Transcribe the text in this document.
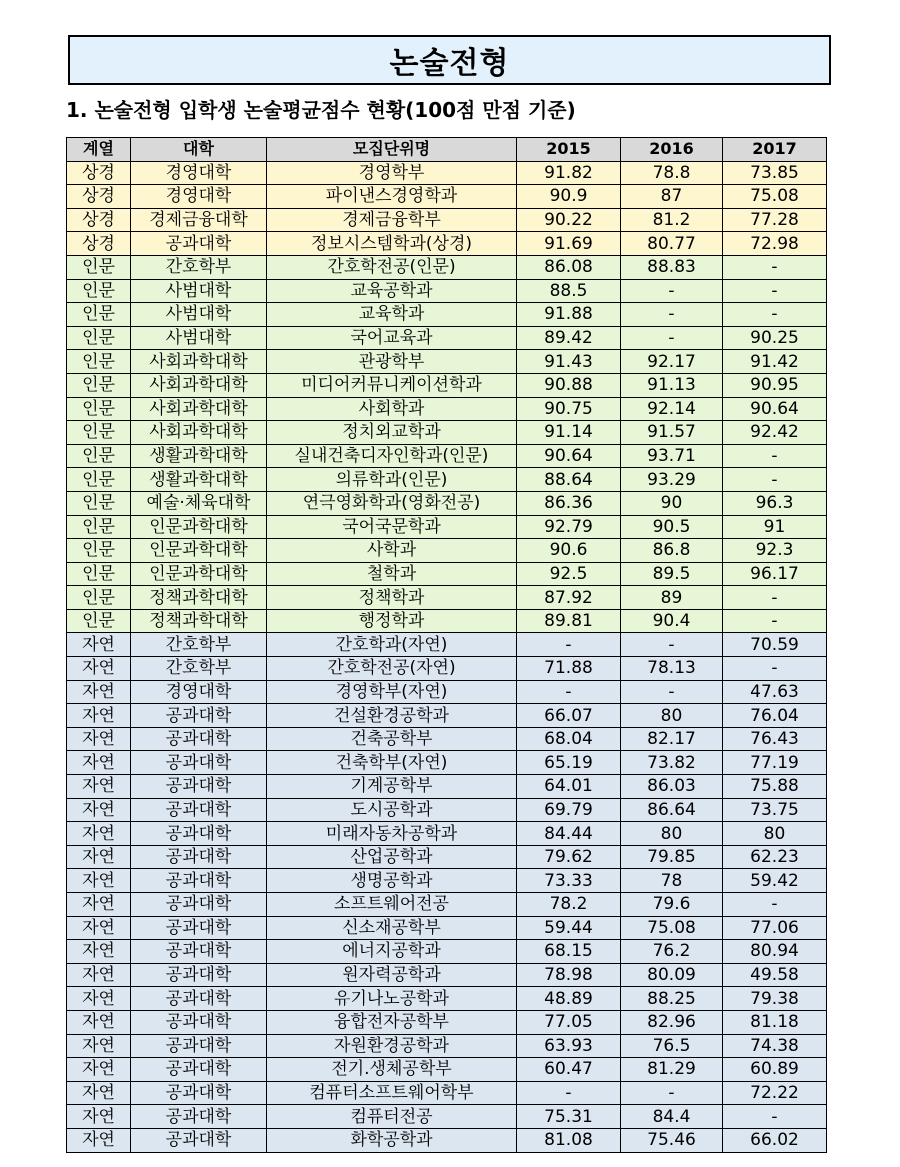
논술전형
1. 논술전형 입학생 논술평균점수 현황(100점 만점 기준)
계열	대학	모집단위명	2015	2016	2017
상경	경영대학	경영학부	91.82	78.8	73.85
상경	경영대학	파이낸스경영학과	90.9	87	75.08
상경	경제금융대학	경제금융학부	90.22	81.2	77.28
상경	공과대학	정보시스템학과(상경)	91.69	80.77	72.98
인문	간호학부	간호학전공(인문)	86.08	88.83	-
인문	사범대학	교육공학과	88.5	-	-
인문	사범대학	교육학과	91.88	-	-
인문	사범대학	국어교육과	89.42	-	90.25
인문	사회과학대학	관광학부	91.43	92.17	91.42
인문	사회과학대학	미디어커뮤니케이션학과	90.88	91.13	90.95
인문	사회과학대학	사회학과	90.75	92.14	90.64
인문	사회과학대학	정치외교학과	91.14	91.57	92.42
인문	생활과학대학	실내건축디자인학과(인문)	90.64	93.71	-
인문	생활과학대학	의류학과(인문)	88.64	93.29	-
인문	예술·체육대학	연극영화학과(영화전공)	86.36	90	96.3
인문	인문과학대학	국어국문학과	92.79	90.5	91
인문	인문과학대학	사학과	90.6	86.8	92.3
인문	인문과학대학	철학과	92.5	89.5	96.17
인문	정책과학대학	정책학과	87.92	89	-
인문	정책과학대학	행정학과	89.81	90.4	-
자연	간호학부	간호학과(자연)	-	-	70.59
자연	간호학부	간호학전공(자연)	71.88	78.13	-
자연	경영대학	경영학부(자연)	-	-	47.63
자연	공과대학	건설환경공학과	66.07	80	76.04
자연	공과대학	건축공학부	68.04	82.17	76.43
자연	공과대학	건축학부(자연)	65.19	73.82	77.19
자연	공과대학	기계공학부	64.01	86.03	75.88
자연	공과대학	도시공학과	69.79	86.64	73.75
자연	공과대학	미래자동차공학과	84.44	80	80
자연	공과대학	산업공학과	79.62	79.85	62.23
자연	공과대학	생명공학과	73.33	78	59.42
자연	공과대학	소프트웨어전공	78.2	79.6	-
자연	공과대학	신소재공학부	59.44	75.08	77.06
자연	공과대학	에너지공학과	68.15	76.2	80.94
자연	공과대학	원자력공학과	78.98	80.09	49.58
자연	공과대학	유기나노공학과	48.89	88.25	79.38
자연	공과대학	융합전자공학부	77.05	82.96	81.18
자연	공과대학	자원환경공학과	63.93	76.5	74.38
자연	공과대학	전기.생체공학부	60.47	81.29	60.89
자연	공과대학	컴퓨터소프트웨어학부	-	-	72.22
자연	공과대학	컴퓨터전공	75.31	84.4	-
자연	공과대학	화학공학과	81.08	75.46	66.02
